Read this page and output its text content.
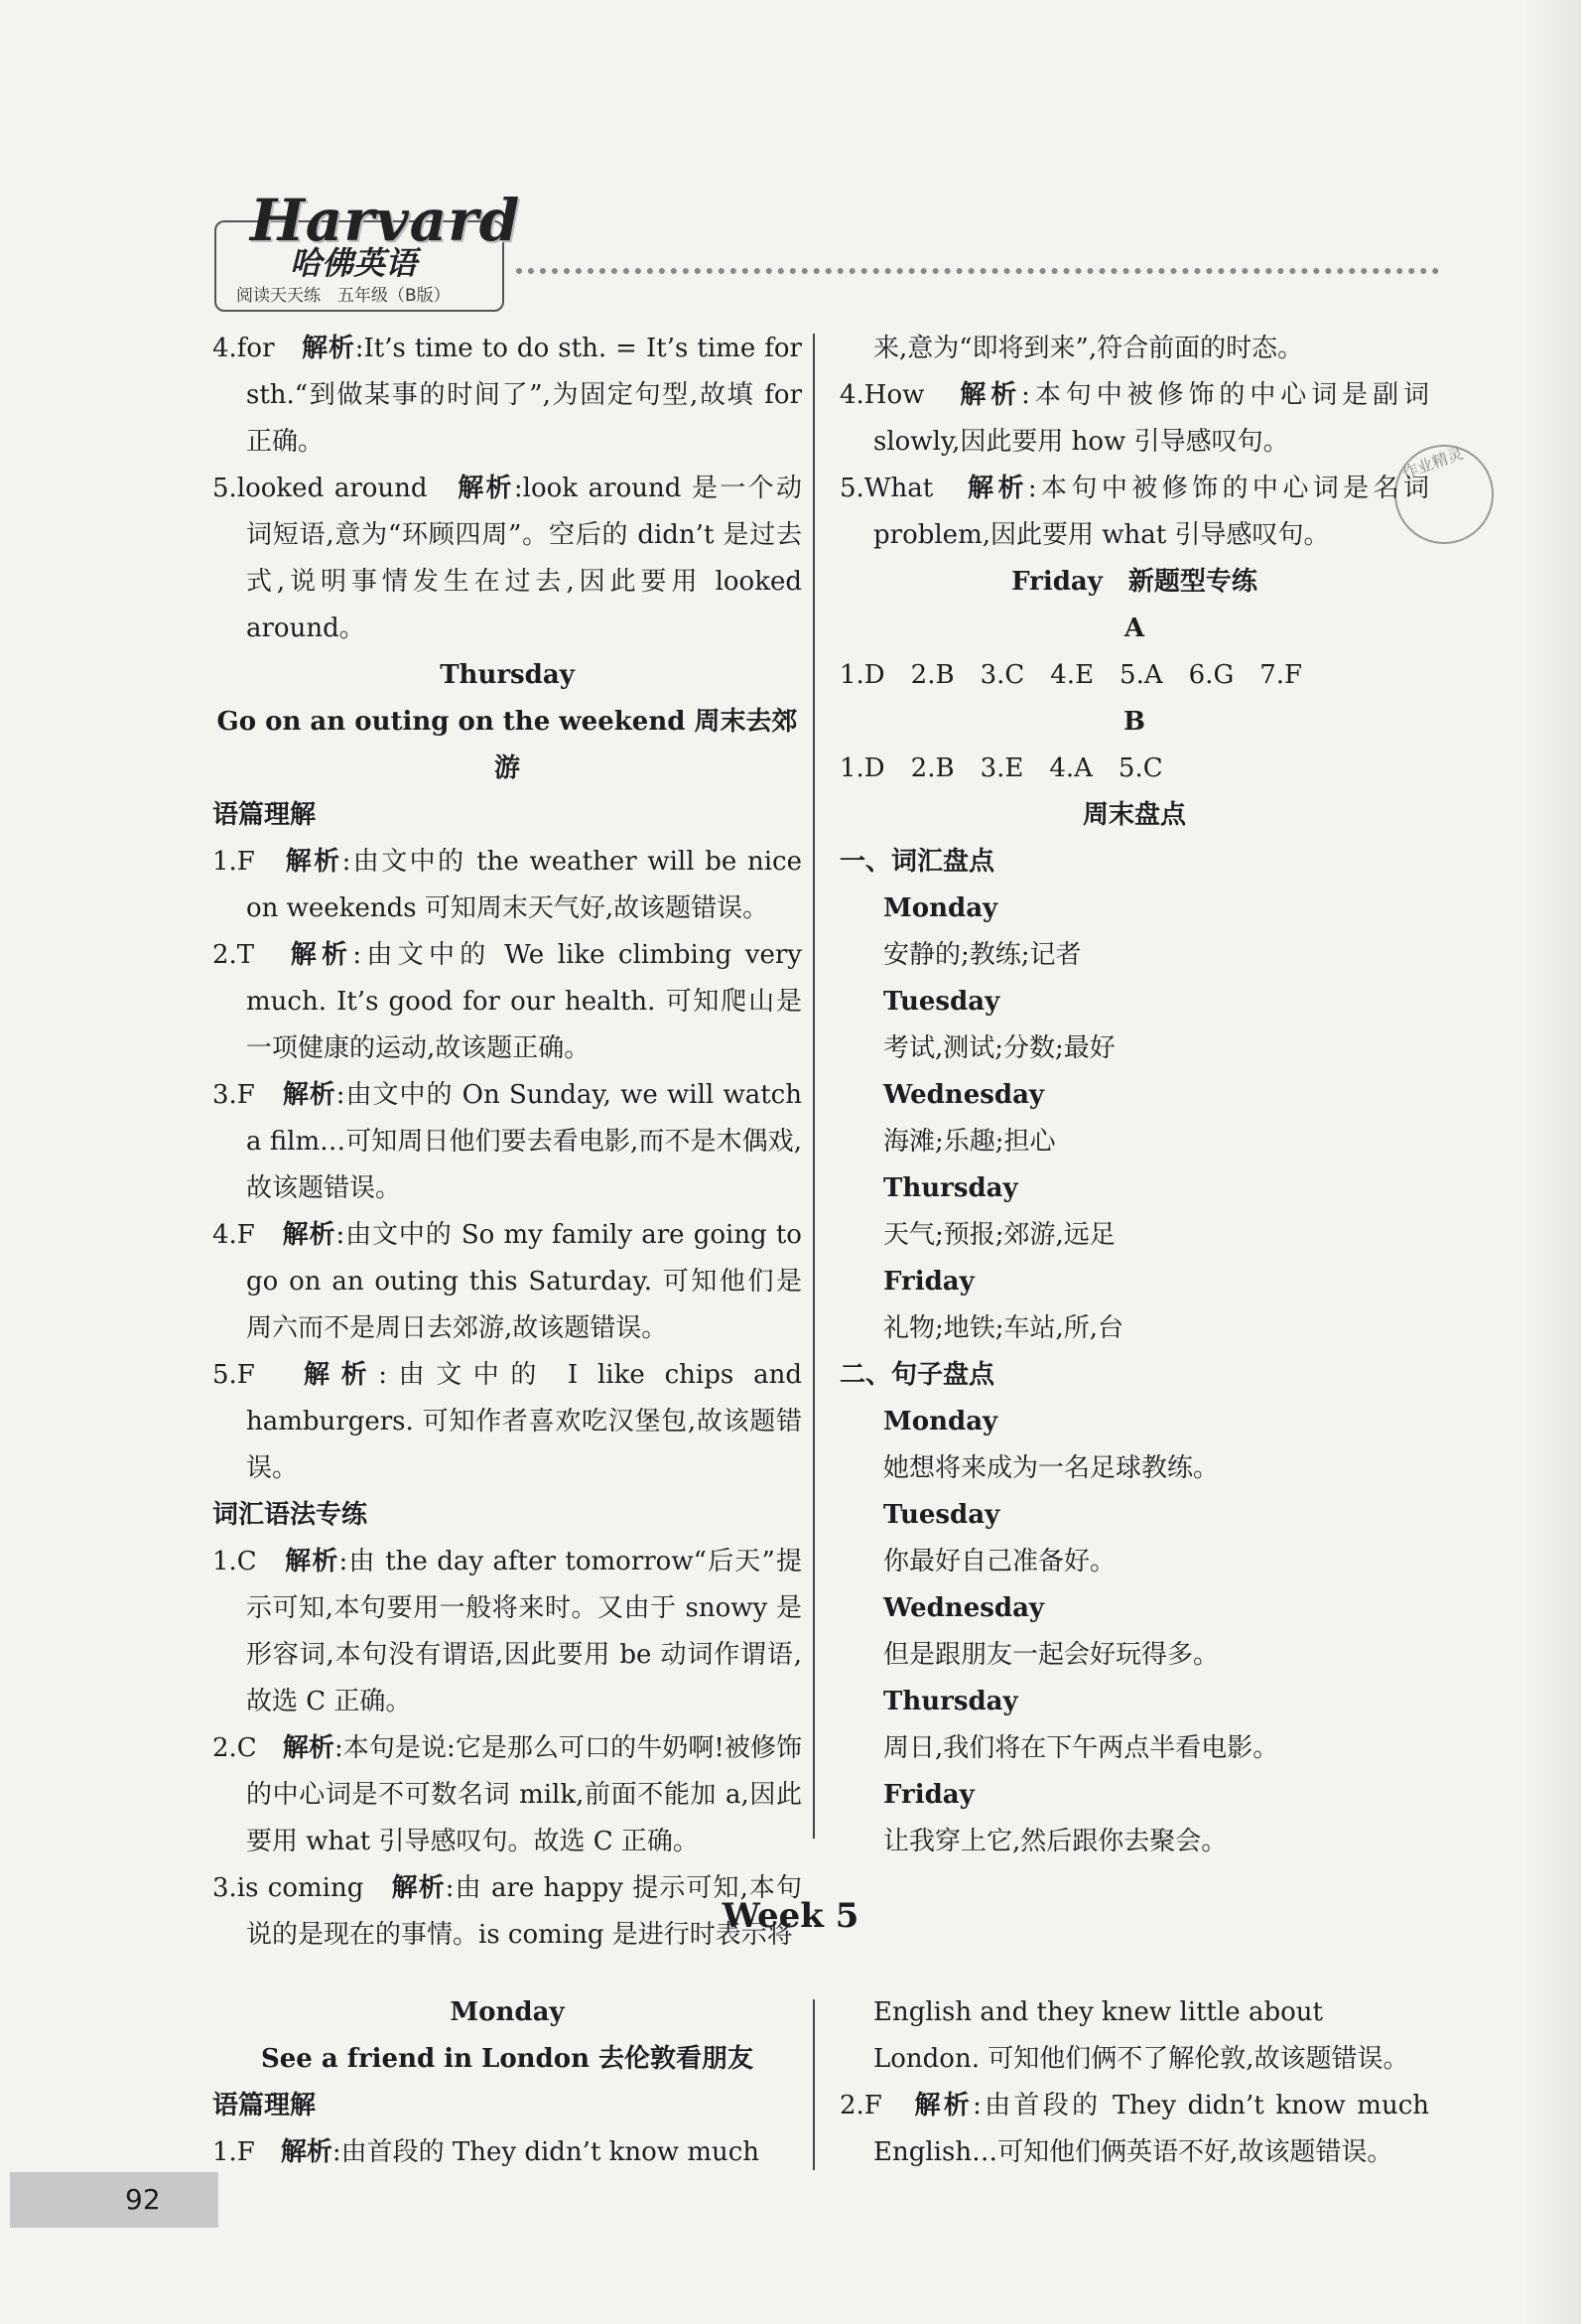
Harvard
哈佛英语
阅读天天练　五年级（B版）
作业精灵

4.for　解析:It’s time to do sth. = It’s time for sth.“到做某事的时间了”,为固定句型,故填 for 正确。

5.looked around　解析:look around 是一个动词短语,意为“环顾四周”。空后的 didn’t 是过去式,说明事情发生在过去,因此要用 looked around。

Thursday

Go on an outing on the weekend 周末去郊游

语篇理解

1.F　解析:由文中的 the weather will be nice on weekends 可知周末天气好,故该题错误。

2.T　解析:由文中的 We like climbing very much. It’s good for our health. 可知爬山是一项健康的运动,故该题正确。

3.F　解析:由文中的 On Sunday, we will watch a film…可知周日他们要去看电影,而不是木偶戏,故该题错误。

4.F　解析:由文中的 So my family are going to go on an outing this Saturday. 可知他们是周六而不是周日去郊游,故该题错误。

5.F　解析:由文中的 I like chips and hamburgers. 可知作者喜欢吃汉堡包,故该题错误。

词汇语法专练

1.C　解析:由 the day after tomorrow“后天”提示可知,本句要用一般将来时。又由于 snowy 是形容词,本句没有谓语,因此要用 be 动词作谓语,故选 C 正确。

2.C　解析:本句是说:它是那么可口的牛奶啊!被修饰的中心词是不可数名词 milk,前面不能加 a,因此要用 what 引导感叹句。故选 C 正确。

3.is coming　解析:由 are happy 提示可知,本句说的是现在的事情。is coming 是进行时表示将

来,意为“即将到来”,符合前面的时态。

4.How　解析:本句中被修饰的中心词是副词 slowly,因此要用 how 引导感叹句。

5.What　解析:本句中被修饰的中心词是名词 problem,因此要用 what 引导感叹句。

Friday　新题型专练

A

1.D　2.B　3.C　4.E　5.A　6.G　7.F

B

1.D　2.B　3.E　4.A　5.C

周末盘点

一、词汇盘点

Monday

安静的;教练;记者

Tuesday

考试,测试;分数;最好

Wednesday

海滩;乐趣;担心

Thursday

天气;预报;郊游,远足

Friday

礼物;地铁;车站,所,台

二、句子盘点

Monday

她想将来成为一名足球教练。

Tuesday

你最好自己准备好。

Wednesday

但是跟朋友一起会好玩得多。

Thursday

周日,我们将在下午两点半看电影。

Friday

让我穿上它,然后跟你去聚会。

Week 5

Monday

See a friend in London 去伦敦看朋友

语篇理解

1.F　解析:由首段的 They didn’t know much

English and they knew little about London. 可知他们俩不了解伦敦,故该题错误。

2.F　解析:由首段的 They didn’t know much English…可知他们俩英语不好,故该题错误。

92
